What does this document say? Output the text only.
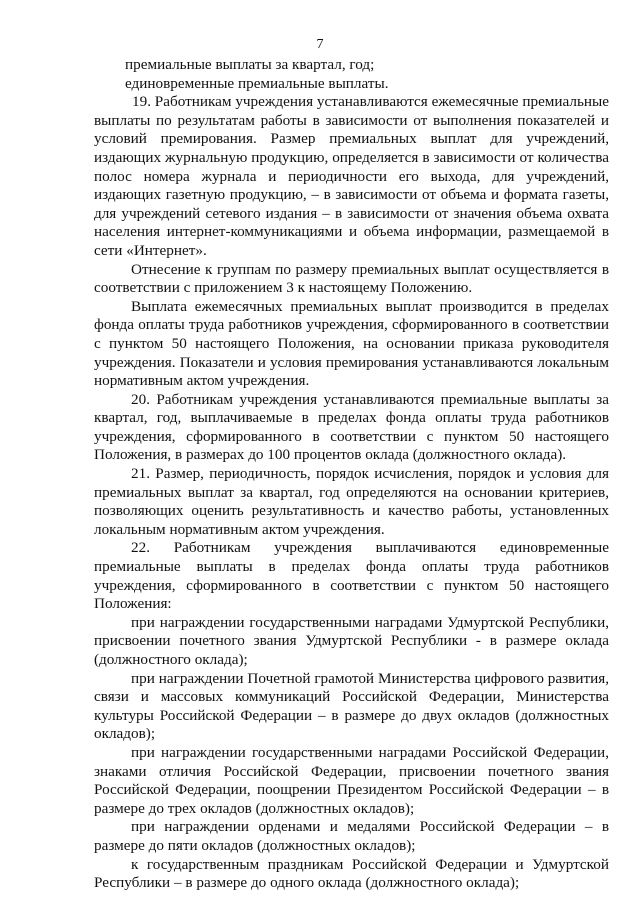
7

премиальные выплаты за квартал, год;

единовременные премиальные выплаты.

19. Работникам учреждения устанавливаются ежемесячные премиальные выплаты по результатам работы в зависимости от выполнения показателей и условий премирования. Размер премиальных выплат для учреждений, издающих журнальную продукцию, определяется в зависимости от количества полос номера журнала и периодичности его выхода, для учреждений, издающих газетную продукцию, – в зависимости от объема и формата газеты, для учреждений сетевого издания – в зависимости от значения объема охвата населения интернет-коммуникациями и объема информации, размещаемой в сети «Интернет».

Отнесение к группам по размеру премиальных выплат осуществляется в соответствии с приложением 3 к настоящему Положению.

Выплата ежемесячных премиальных выплат производится в пределах фонда оплаты труда работников учреждения, сформированного в соответствии с пунктом 50 настоящего Положения, на основании приказа руководителя учреждения. Показатели и условия премирования устанавливаются локальным нормативным актом учреждения.

20. Работникам учреждения устанавливаются премиальные выплаты за квартал, год, выплачиваемые в пределах фонда оплаты труда работников учреждения, сформированного в соответствии с пунктом 50 настоящего Положения, в размерах до 100 процентов оклада (должностного оклада).

21. Размер, периодичность, порядок исчисления, порядок и условия для премиальных выплат за квартал, год определяются на основании критериев, позволяющих оценить результативность и качество работы, установленных локальным нормативным актом учреждения.

22. Работникам учреждения выплачиваются единовременные премиальные выплаты в пределах фонда оплаты труда работников учреждения, сформированного в соответствии с пунктом 50 настоящего Положения:

при награждении государственными наградами Удмуртской Республики, присвоении почетного звания Удмуртской Республики - в размере оклада (должностного оклада);

при награждении Почетной грамотой Министерства цифрового развития, связи и массовых коммуникаций Российской Федерации, Министерства культуры Российской Федерации – в размере до двух окладов (должностных окладов);

при награждении государственными наградами Российской Федерации, знаками отличия Российской Федерации, присвоении почетного звания Российской Федерации, поощрении Президентом Российской Федерации – в размере до трех окладов (должностных окладов);

при награждении орденами и медалями Российской Федерации – в размере до пяти окладов (должностных окладов);

к государственным праздникам Российской Федерации и Удмуртской Республики – в размере до одного оклада (должностного оклада);
